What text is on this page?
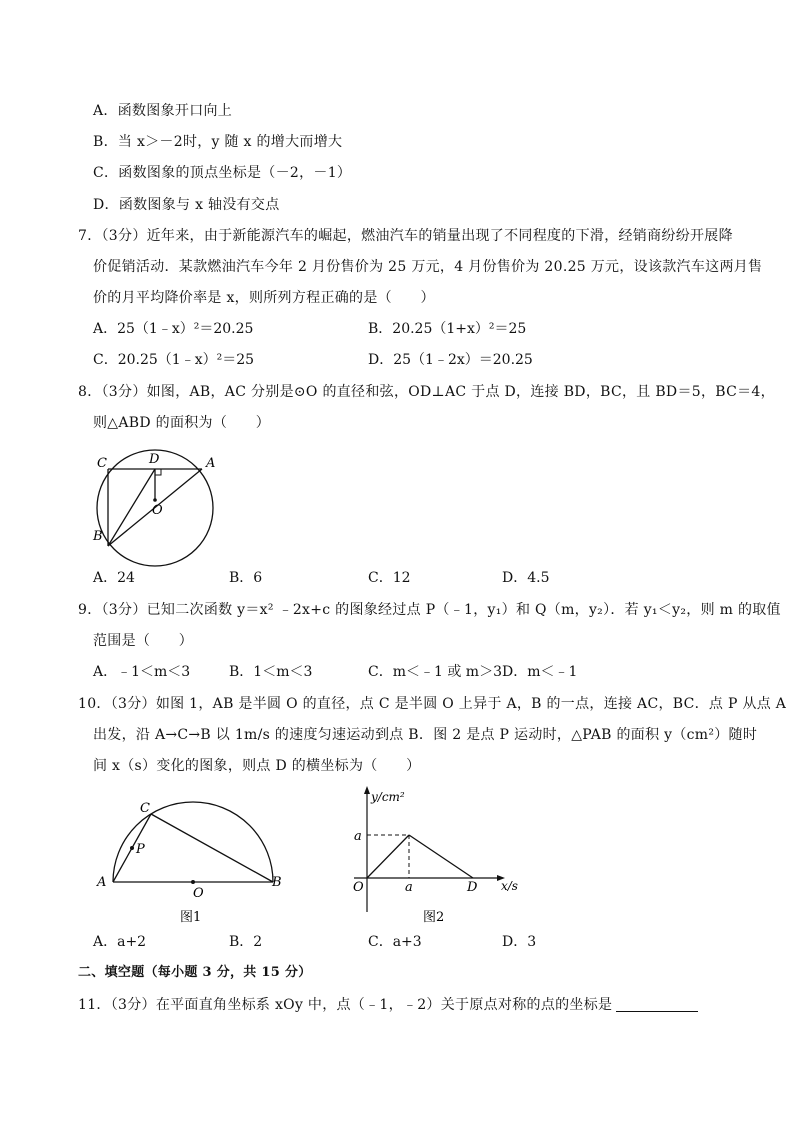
A．函数图象开口向上
B．当 x＞－2时，y 随 x 的增大而增大
C．函数图象的顶点坐标是（－2，－1）
D．函数图象与 x 轴没有交点
7．（3分）近年来，由于新能源汽车的崛起，燃油汽车的销量出现了不同程度的下滑，经销商纷纷开展降
价促销活动．某款燃油汽车今年 2 月份售价为 25 万元，4 月份售价为 20.25 万元，设该款汽车这两月售
价的月平均降价率是 x，则所列方程正确的是（　　）
A．25（1﹣x）²＝20.25	B．20.25（1+x）²＝25
C．20.25（1﹣x）²＝25	D．25（1﹣2x）＝20.25
8．（3分）如图，AB，AC 分别是⊙O 的直径和弦，OD⊥AC 于点 D，连接 BD，BC，且 BD＝5，BC＝4，
则△ABD 的面积为（　　）
C	D	A
O
B
A．24	B．6	C．12	D．4.5
9．（3分）已知二次函数 y＝x² ﹣2x+c 的图象经过点 P（﹣1，y₁）和 Q（m，y₂）．若 y₁＜y₂，则 m 的取值
范围是（　　）
A．﹣1＜m＜3	B．1＜m＜3	C．m＜﹣1 或 m＞3 D．m＜﹣1
10．（3分）如图 1，AB 是半圆 O 的直径，点 C 是半圆 O 上异于 A，B 的一点，连接 AC，BC．点 P 从点 A
出发，沿 A→C→B 以 1m/s 的速度匀速运动到点 B．图 2 是点 P 运动时，△PAB 的面积 y（cm²）随时
间 x（s）变化的图象，则点 D 的横坐标为（　　）
C
P
A
O
B
图1
y/cm²
a
O	a	D x/s
图2
A．a+2	B．2	C．a+3	D．3
二、填空题（每小题 3 分，共 15 分）
11．（3分）在平面直角坐标系 xOy 中，点（﹣1，﹣2）关于原点对称的点的坐标是
